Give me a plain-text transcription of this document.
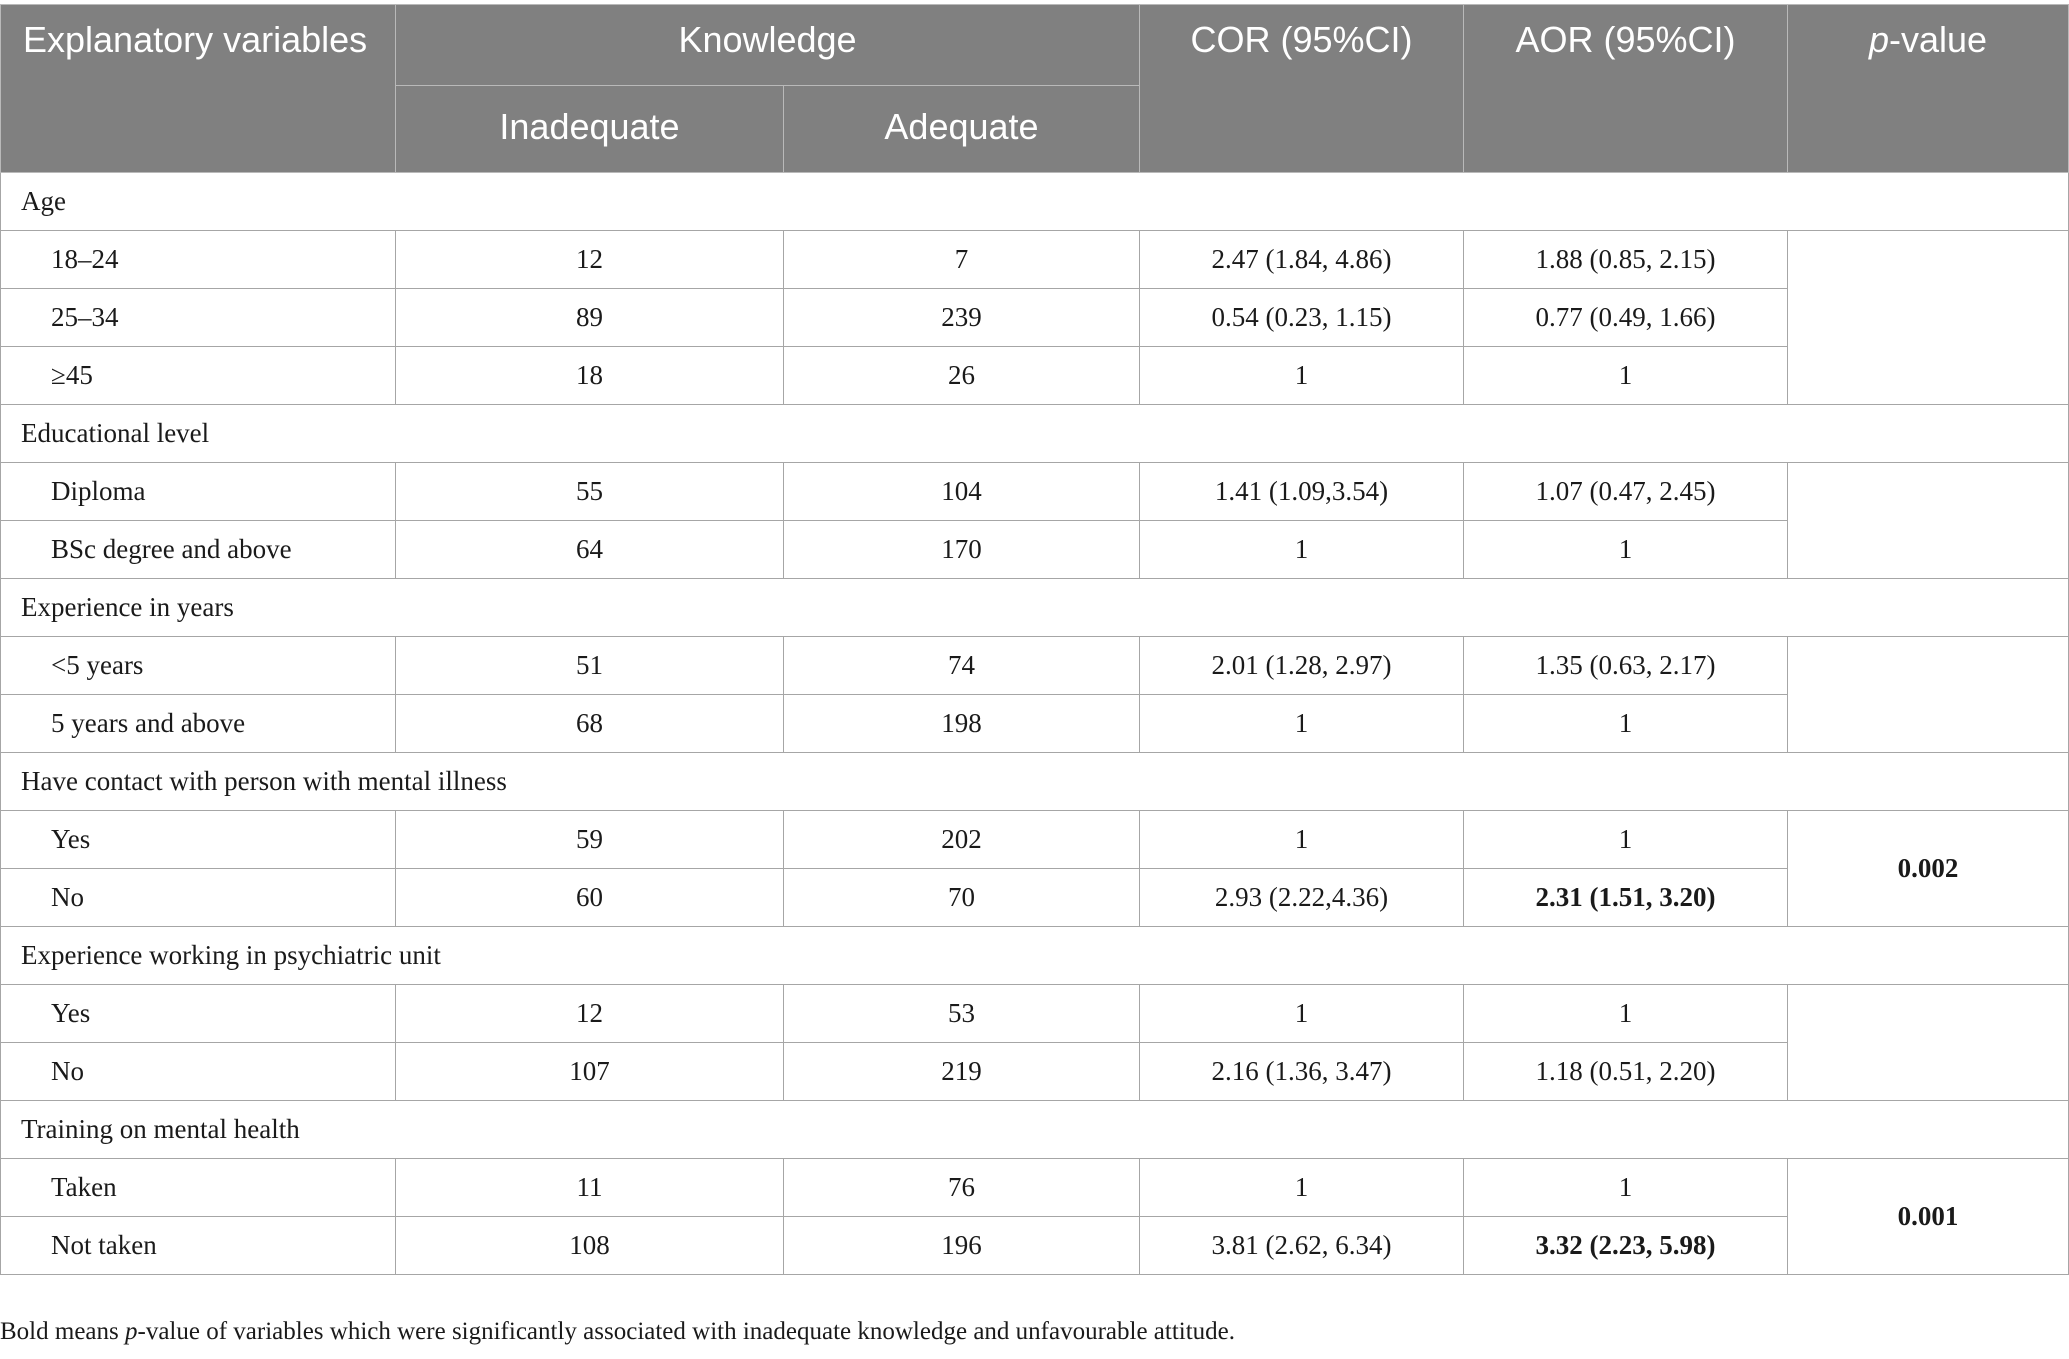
Explanatory variables	Knowledge		COR (95%CI)	AOR (95%CI)	p-value
	Inadequate	Adequate			
Age					
18–24	12	7	2.47 (1.84, 4.86)	1.88 (0.85, 2.15)	
25–34	89	239	0.54 (0.23, 1.15)	0.77 (0.49, 1.66)	
≥45	18	26	1	1	
Educational level					
Diploma	55	104	1.41 (1.09,3.54)	1.07 (0.47, 2.45)	
BSc degree and above	64	170	1	1	
Experience in years					
<5 years	51	74	2.01 (1.28, 2.97)	1.35 (0.63, 2.17)	
5 years and above	68	198	1	1	
Have contact with person with mental illness					
Yes	59	202	1	1	0.002
No	60	70	2.93 (2.22,4.36)	2.31 (1.51, 3.20)	
Experience working in psychiatric unit					
Yes	12	53	1	1	
No	107	219	2.16 (1.36, 3.47)	1.18 (0.51, 2.20)	
Training on mental health					
Taken	11	76	1	1	0.001
Not taken	108	196	3.81 (2.62, 6.34)	3.32 (2.23, 5.98)	
Bold means p-value of variables which were significantly associated with inadequate knowledge and unfavourable attitude.
